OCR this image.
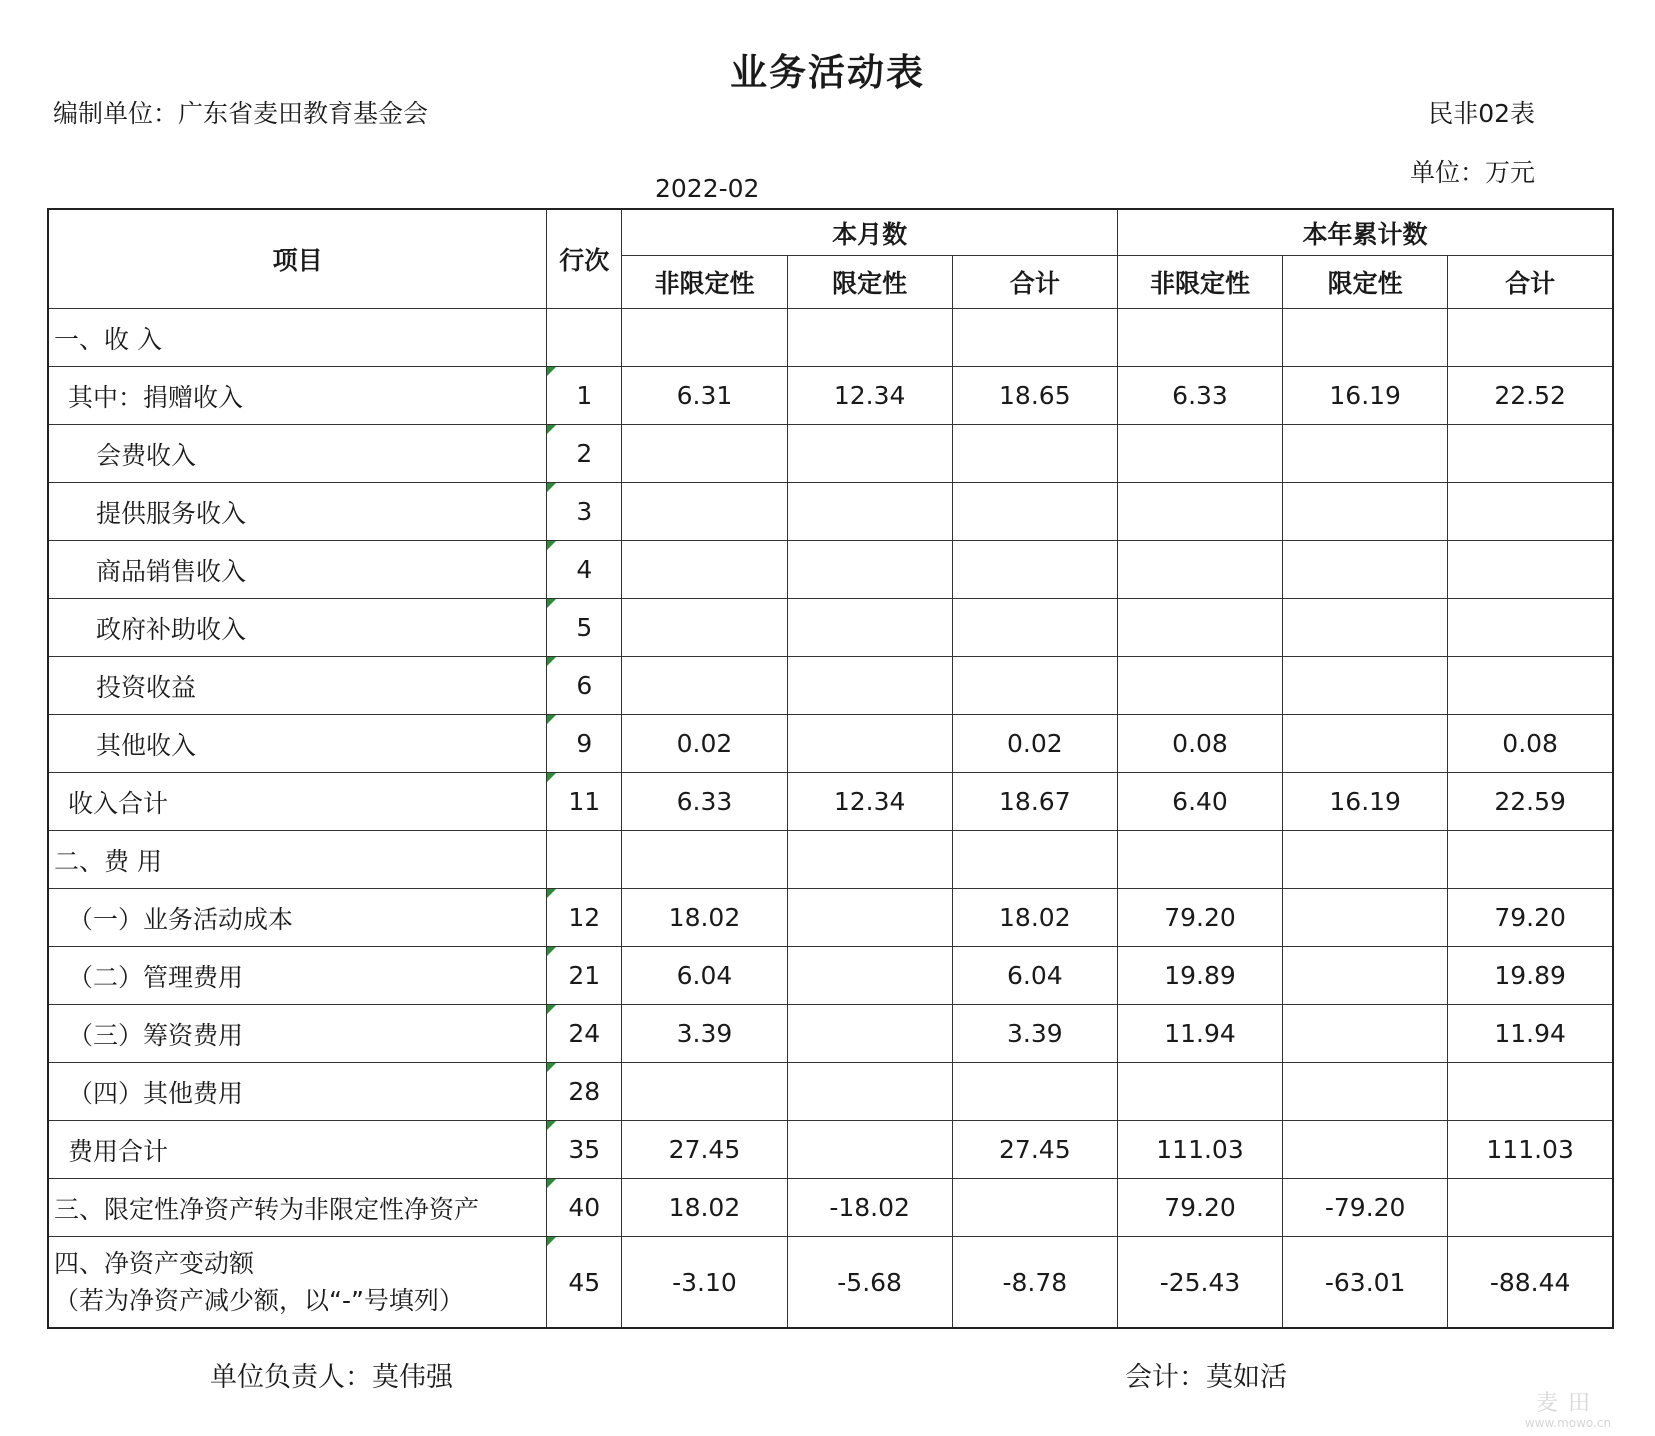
业务活动表
编制单位：广东省麦田教育基金会	民非02表
单位：万元
2022-02
项目	行次	本月数			本年累计数		
		非限定性	限定性	合计	非限定性	限定性	合计
一、收 入							
其中：捐赠收入	1	6.31	12.34	18.65	6.33	16.19	22.52
会费收入	2						
提供服务收入	3						
商品销售收入	4						
政府补助收入	5						
投资收益	6						
其他收入	9	0.02		0.02	0.08		0.08
收入合计	11	6.33	12.34	18.67	6.40	16.19	22.59
二、费 用							
（一）业务活动成本	12	18.02		18.02	79.20		79.20
（二）管理费用	21	6.04		6.04	19.89		19.89
（三）筹资费用	24	3.39		3.39	11.94		11.94
（四）其他费用	28						
费用合计	35	27.45		27.45	111.03		111.03
三、限定性净资产转为非限定性净资产	40	18.02	-18.02		79.20	-79.20	

四、净资产变动额
（若为净资产减少额，以“-”号填列）	45	-3.10	-5.68	-8.78	-25.43	-63.01	-88.44
单位负责人：莫伟强	会计：莫如活
麦田
www.mowo.cn
